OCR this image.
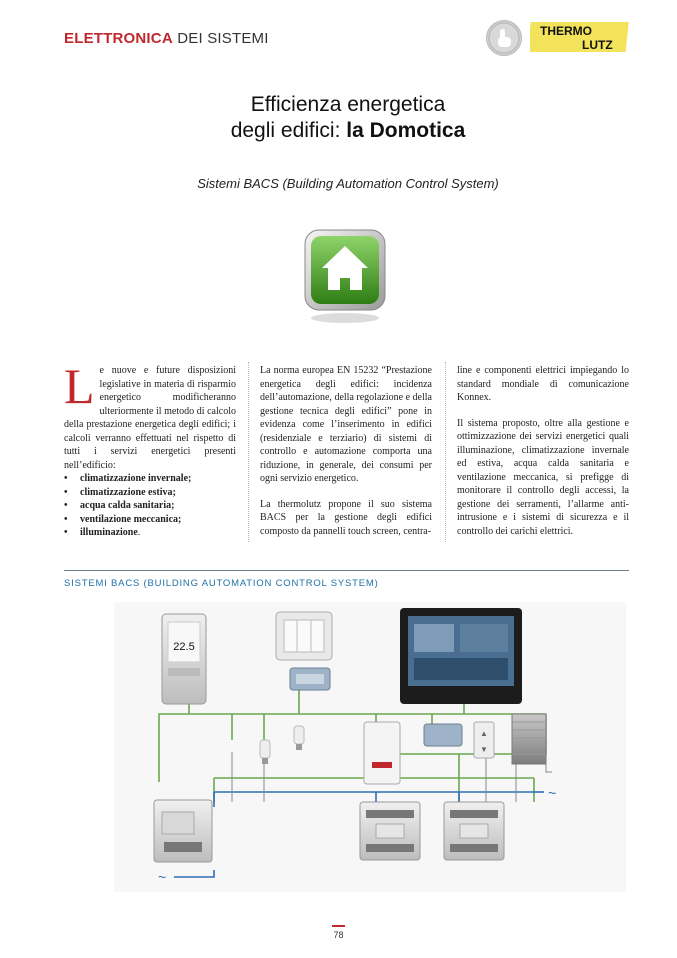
ELETTRONICA DEI SISTEMI	THERMO
LUTZ
Efficienza energetica
degli edifici: la Domotica
Sistemi BACS (Building Automation Control System)
L e nuove e future disposizioni legislative in materia di risparmio energetico modificheranno ulteriormente il metodo di calcolo della prestazione energetica degli edifici; i calcoli verranno effettuati nel rispetto di tutti i servizi energetici presenti nell’edificio:

• climatizzazione invernale;
• climatizzazione estiva;
• acqua calda sanitaria;
• ventilazione meccanica;
• illuminazione.

La norma europea EN 15232 “Prestazione energetica degli edifici: incidenza dell’automazione, della regolazione e della gestione tecnica degli edifici” pone in evidenza come l’inserimento in edifici (residenziale e terziario) di sistemi di controllo e automazione comporta una riduzione, in generale, dei consumi per ogni servizio energetico.

La thermolutz propone il suo sistema BACS per la gestione degli edifici composto da pannelli touch screen, centra-

line e componenti elettrici impiegando lo standard mondiale di comunicazione Konnex.

Il sistema proposto, oltre alla gestione e ottimizzazione dei servizi energetici quali illuminazione, climatizzazione invernale ed estiva, acqua calda sanitaria e ventilazione meccanica, si prefigge di monitorare il controllo degli accessi, la gestione dei serramenti, l’allarme anti-intrusione e i sistemi di sicurezza e il controllo dei carichi elettrici.

SISTEMI BACS (BUILDING AUTOMATION CONTROL SYSTEM)
22.5
▲
▼
~
~
78
